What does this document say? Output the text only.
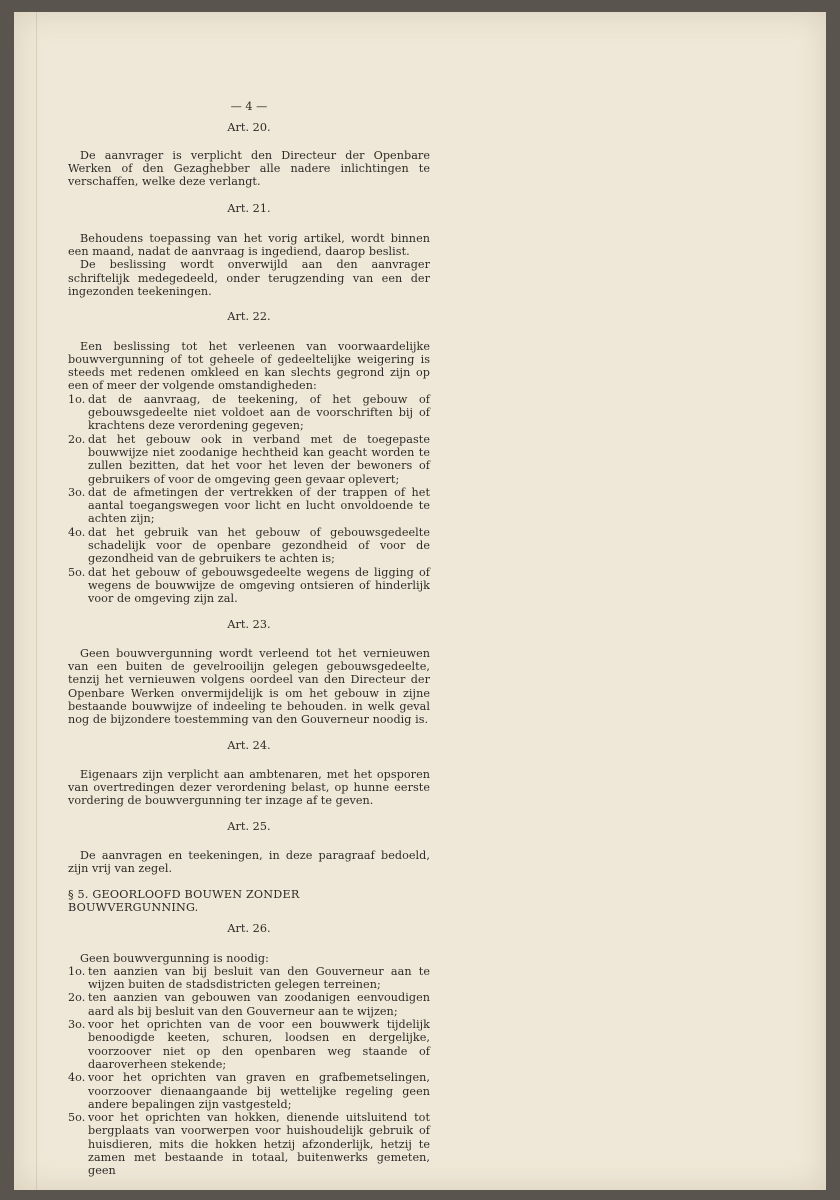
— 4 —
Art. 20.

De aanvrager is verplicht den Directeur der Openbare Werken of den Gezaghebber alle nadere inlichtingen te verschaffen, welke deze verlangt.

Art. 21.

Behoudens toepassing van het vorig artikel, wordt binnen een maand, nadat de aanvraag is ingediend, daarop beslist.

De beslissing wordt onverwijld aan den aanvrager schriftelijk medegedeeld, onder terugzending van een der ingezonden teekeningen.

Art. 22.

Een beslissing tot het verleenen van voorwaardelijke bouwvergunning of tot geheele of gedeeltelijke weigering is steeds met redenen omkleed en kan slechts gegrond zijn op een of meer der volgende omstandigheden:

1o. dat de aanvraag, de teekening, of het gebouw of gebouwsgedeelte niet voldoet aan de voorschriften bij of krachtens deze verordening gegeven;
2o. dat het gebouw ook in verband met de toegepaste bouwwijze niet zoodanige hechtheid kan geacht worden te zullen bezitten, dat het voor het leven der bewoners of gebruikers of voor de omgeving geen gevaar oplevert;
3o. dat de afmetingen der vertrekken of der trappen of het aantal toegangswegen voor licht en lucht onvoldoende te achten zijn;
4o. dat het gebruik van het gebouw of gebouwsgedeelte schadelijk voor de openbare gezondheid of voor de gezondheid van de gebruikers te achten is;
5o. dat het gebouw of gebouwsgedeelte wegens de ligging of wegens de bouwwijze de omgeving ontsieren of hinderlijk voor de omgeving zijn zal.
Art. 23.

Geen bouwvergunning wordt verleend tot het vernieuwen van een buiten de gevelrooilijn gelegen gebouwsgedeelte, tenzij het vernieuwen volgens oordeel van den Directeur der Openbare Werken onvermijdelijk is om het gebouw in zijne bestaande bouwwijze of indeeling te behouden. in welk geval nog de bijzondere toestemming van den Gouverneur noodig is.

Art. 24.

Eigenaars zijn verplicht aan ambtenaren, met het opsporen van overtredingen dezer verordening belast, op hunne eerste vordering de bouwvergunning ter inzage af te geven.

Art. 25.

De aanvragen en teekeningen, in deze paragraaf bedoeld, zijn vrij van zegel.

§ 5. GEOORLOOFD BOUWEN ZONDER BOUWVERGUNNING.
Art. 26.

Geen bouwvergunning is noodig:

1o. ten aanzien van bij besluit van den Gouverneur aan te wijzen buiten de stadsdistricten gelegen terreinen;
2o. ten aanzien van gebouwen van zoodanigen eenvoudigen aard als bij besluit van den Gouverneur aan te wijzen;
3o. voor het oprichten van de voor een bouwwerk tijdelijk benoodigde keeten, schuren, loodsen en dergelijke, voorzoover niet op den openbaren weg staande of daaroverheen stekende;
4o. voor het oprichten van graven en grafbemetselingen, voorzoover dienaangaande bij wettelijke regeling geen andere bepalingen zijn vastgesteld;
5o. voor het oprichten van hokken, dienende uitsluitend tot bergplaats van voorwerpen voor huishoudelijk gebruik of huisdieren, mits die hokken hetzij afzonderlijk, hetzij te zamen met bestaande in totaal, buitenwerks gemeten, geen
